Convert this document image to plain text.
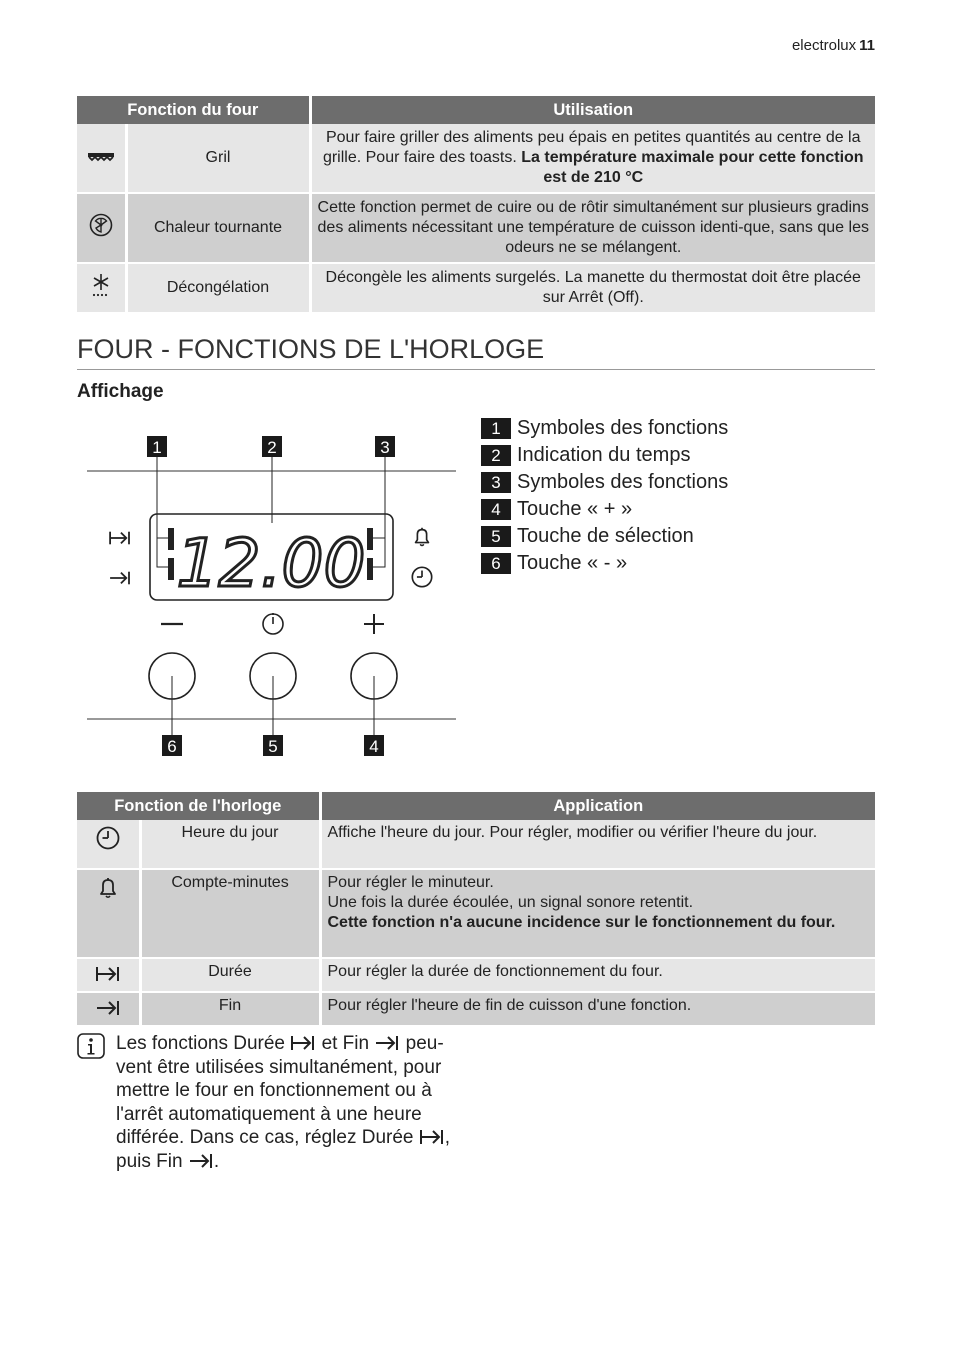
electrolux 11
Fonction du four		Utilisation
	Gril	Pour faire griller des aliments peu épais en petites quantités au centre de la grille. Pour faire des toasts. La température maximale pour cette fonction est de 210 °C
	Chaleur tournante	Cette fonction permet de cuire ou de rôtir simultanément sur plusieurs gradins des aliments nécessitant une température de cuisson identi-que, sans que les odeurs ne se mélangent.
	Décongélation	Décongèle les aliments surgelés. La manette du thermostat doit être placée sur Arrêt (Off).
FOUR - FONCTIONS DE L'HORLOGE
Affichage
1	2	3
12.00
6	5	4
1 Symboles des fonctions
2 Indication du temps
3 Symboles des fonctions
4 Touche « + »
5 Touche de sélection
6 Touche « - »
Fonction de l'horloge		Application
	Heure du jour	Affiche l'heure du jour. Pour régler, modifier ou vérifier l'heure du jour.
	Compte-minutes	Pour régler le minuteur.
Une fois la durée écoulée, un signal sonore retentit.
Cette fonction n'a aucune incidence sur le fonctionnement du four.
	Durée	Pour régler la durée de fonctionnement du four.
	Fin	Pour régler l'heure de fin de cuisson d'une fonction.
Les fonctions Durée et Fin peu-vent être utilisées simultanément, pour mettre le four en fonctionnement ou à l'arrêt automatiquement à une heure différée. Dans ce cas, réglez Durée , puis Fin .
